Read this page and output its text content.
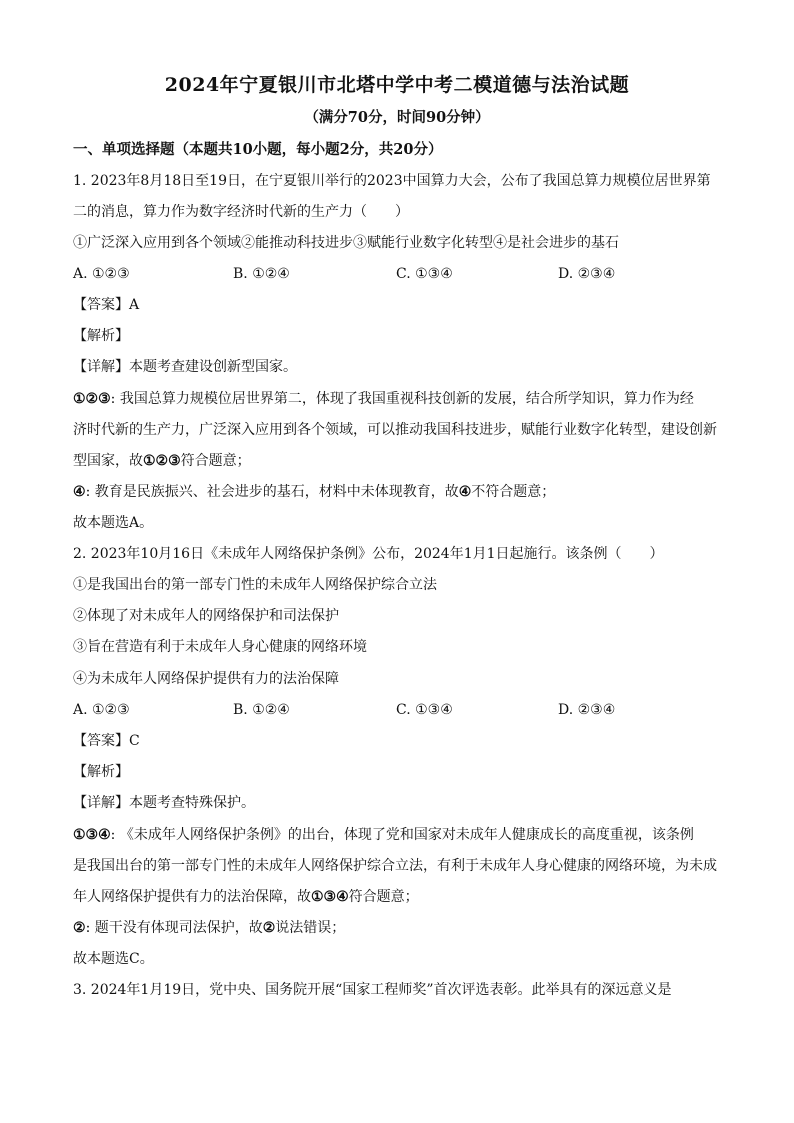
2024年宁夏银川市北塔中学中考二模道德与法治试题
（满分70分，时间90分钟）
一、单项选择题（本题共10小题，每小题2分，共20分）
1. 2023年8月18日至19日，在宁夏银川举行的2023中国算力大会，公布了我国总算力规模位居世界第
二的消息，算力作为数字经济时代新的生产力（　　）
①广泛深入应用到各个领域②能推动科技进步③赋能行业数字化转型④是社会进步的基石
A. ①②③	B. ①②④	C. ①③④	D. ②③④
【答案】A
【解析】
【详解】本题考查建设创新型国家。
①②③: 我国总算力规模位居世界第二，体现了我国重视科技创新的发展，结合所学知识，算力作为经
济时代新的生产力，广泛深入应用到各个领域，可以推动我国科技进步，赋能行业数字化转型，建设创新
型国家，故①②③符合题意；
④: 教育是民族振兴、社会进步的基石，材料中未体现教育，故④不符合题意；
故本题选A。
2. 2023年10月16日《未成年人网络保护条例》公布，2024年1月1日起施行。该条例（　　）
①是我国出台的第一部专门性的未成年人网络保护综合立法
②体现了对未成年人的网络保护和司法保护
③旨在营造有利于未成年人身心健康的网络环境
④为未成年人网络保护提供有力的法治保障
A. ①②③	B. ①②④	C. ①③④	D. ②③④
【答案】C
【解析】
【详解】本题考查特殊保护。
①③④: 《未成年人网络保护条例》的出台，体现了党和国家对未成年人健康成长的高度重视，该条例
是我国出台的第一部专门性的未成年人网络保护综合立法，有利于未成年人身心健康的网络环境，为未成
年人网络保护提供有力的法治保障，故①③④符合题意；
②: 题干没有体现司法保护，故②说法错误；
故本题选C。
3. 2024年1月19日，党中央、国务院开展“国家工程师奖”首次评选表彰。此举具有的深远意义是
